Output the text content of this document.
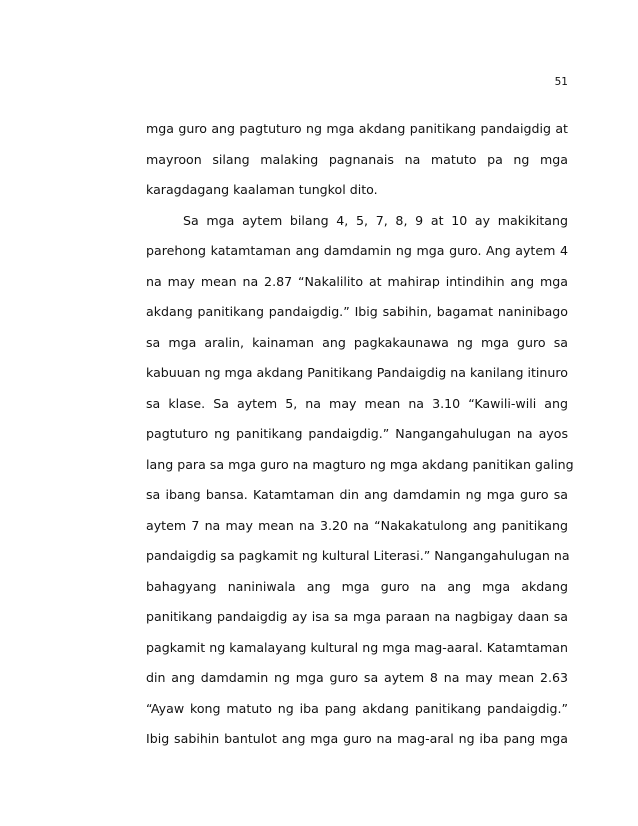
51
mga guro ang pagtuturo ng mga akdang panitikang pandaigdig at
mayroon silang malaking pagnanais na matuto pa ng mga
karagdagang kaalaman tungkol dito.
Sa mga aytem bilang 4, 5, 7, 8, 9 at 10 ay makikitang
parehong katamtaman ang damdamin ng mga guro. Ang aytem 4
na may mean na 2.87 “Nakalilito at mahirap intindihin ang mga
akdang panitikang pandaigdig.” Ibig sabihin, bagamat naninibago
sa mga aralin, kainaman ang pagkakaunawa ng mga guro sa
kabuuan ng mga akdang Panitikang Pandaigdig na kanilang itinuro
sa klase. Sa aytem 5, na may mean na 3.10 “Kawili-wili ang
pagtuturo ng panitikang pandaigdig.” Nangangahulugan na ayos
lang para sa mga guro na magturo ng mga akdang panitikan galing
sa ibang bansa. Katamtaman din ang damdamin ng mga guro sa
aytem 7 na may mean na 3.20 na “Nakakatulong ang panitikang
pandaigdig sa pagkamit ng kultural Literasi.” Nangangahulugan na
bahagyang naniniwala ang mga guro na ang mga akdang
panitikang pandaigdig ay isa sa mga paraan na nagbigay daan sa
pagkamit ng kamalayang kultural ng mga mag-aaral. Katamtaman
din ang damdamin ng mga guro sa aytem 8 na may mean 2.63
“Ayaw kong matuto ng iba pang akdang panitikang pandaigdig.”
Ibig sabihin bantulot ang mga guro na mag-aral ng iba pang mga
